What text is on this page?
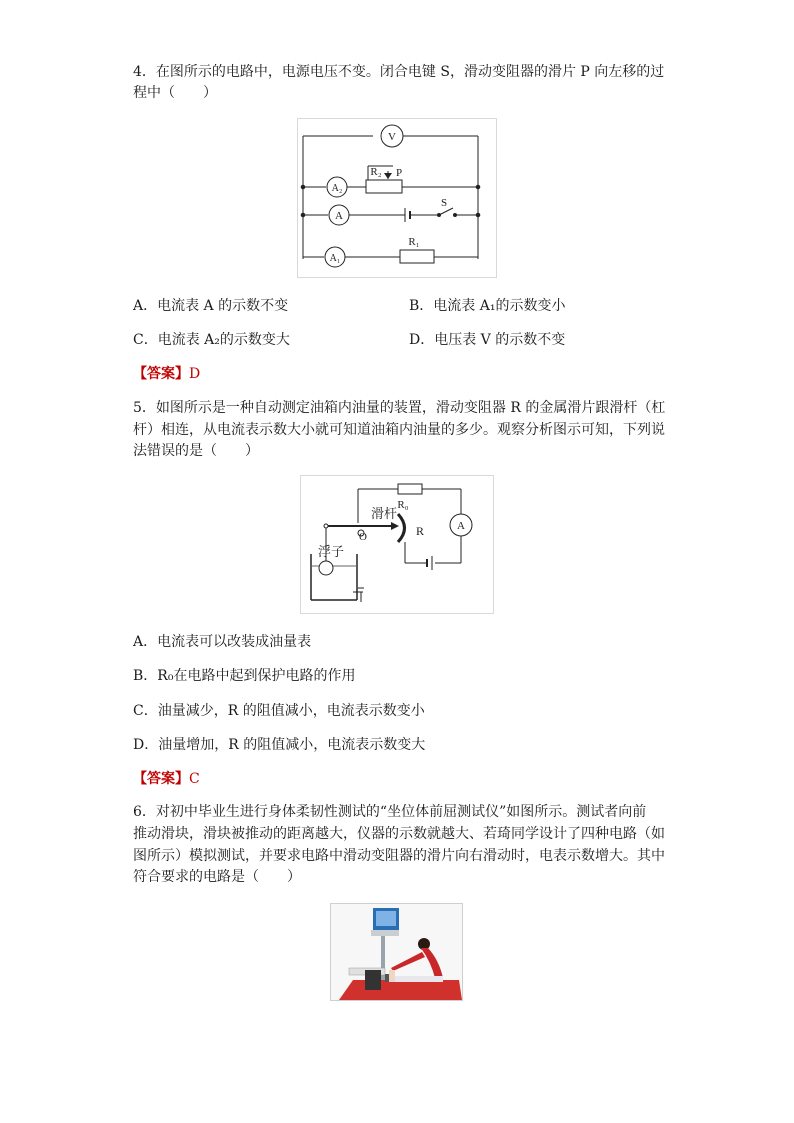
4．在图所示的电路中，电源电压不变。闭合电键 S，滑动变阻器的滑片 P 向左移的过
程中（　　）
V
A₂
R₂ P
A
S
A₁
R₁
A．电流表 A 的示数不变	B．电流表 A₁的示数变小
C．电流表 A₂的示数变大	D．电压表 V 的示数不变
【答案】D
5．如图所示是一种自动测定油箱内油量的装置，滑动变阻器 R 的金属滑片跟滑杆（杠
杆）相连，从电流表示数大小就可知道油箱内油量的多少。观察分析图示可知，下列说
法错误的是（　　）
A
R
R₀
滑杆
O
浮子
A．电流表可以改装成油量表
B．R₀在电路中起到保护电路的作用
C．油量减少，R 的阻值减小，电流表示数变小
D．油量增加，R 的阻值减小，电流表示数变大
【答案】C
6．对初中毕业生进行身体柔韧性测试的“坐位体前屈测试仪”如图所示。测试者向前
推动滑块，滑块被推动的距离越大，仪器的示数就越大、若琦同学设计了四种电路（如
图所示）模拟测试，并要求电路中滑动变阻器的滑片向右滑动时，电表示数增大。其中
符合要求的电路是（　　）
